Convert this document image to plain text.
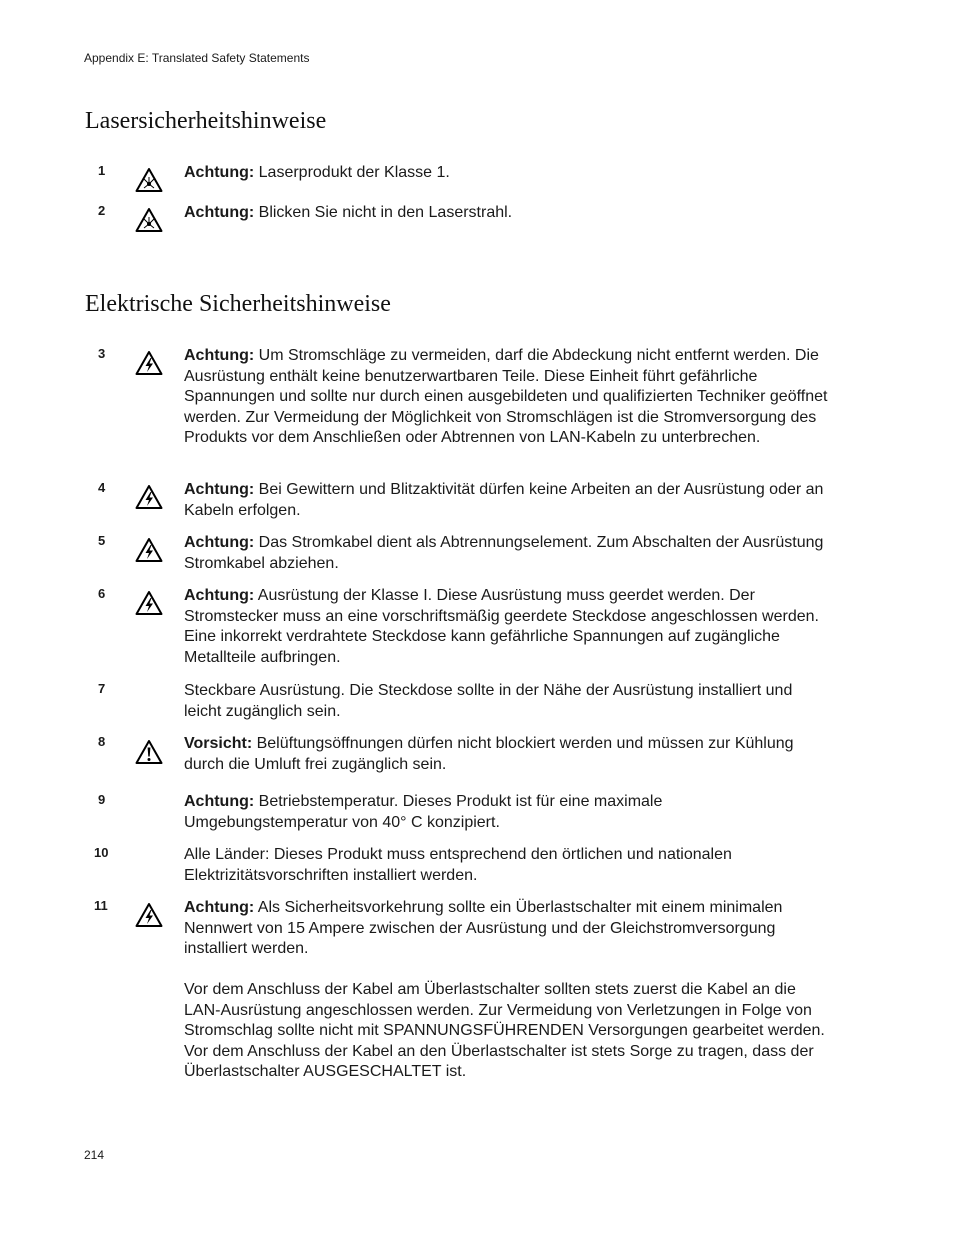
Appendix E: Translated Safety Statements
Lasersicherheitshinweise
1	Achtung: Laserprodukt der Klasse 1.

2	Achtung: Blicken Sie nicht in den Laserstrahl.

Elektrische Sicherheitshinweise
3	Achtung: Um Stromschläge zu vermeiden, darf die Abdeckung nicht entfernt werden. Die Ausrüstung enthält keine benutzerwartbaren Teile. Diese Einheit führt gefährliche Spannungen und sollte nur durch einen ausgebildeten und qualifizierten Techniker geöffnet werden. Zur Vermeidung der Möglichkeit von Stromschlägen ist die Stromversorgung des Produkts vor dem Anschließen oder Abtrennen von LAN-Kabeln zu unterbrechen.

4	Achtung: Bei Gewittern und Blitzaktivität dürfen keine Arbeiten an der Ausrüstung oder an Kabeln erfolgen.

5	Achtung: Das Stromkabel dient als Abtrennungselement. Zum Abschalten der Ausrüstung Stromkabel abziehen.

6	Achtung: Ausrüstung der Klasse I. Diese Ausrüstung muss geerdet werden. Der Stromstecker muss an eine vorschriftsmäßig geerdete Steckdose angeschlossen werden. Eine inkorrekt verdrahtete Steckdose kann gefährliche Spannungen auf zugängliche Metallteile aufbringen.

7	Steckbare Ausrüstung. Die Steckdose sollte in der Nähe der Ausrüstung installiert und leicht zugänglich sein.

8	Vorsicht: Belüftungsöffnungen dürfen nicht blockiert werden und müssen zur Kühlung durch die Umluft frei zugänglich sein.

9	Achtung: Betriebstemperatur. Dieses Produkt ist für eine maximale Umgebungstemperatur von 40° C konzipiert.

10	Alle Länder: Dieses Produkt muss entsprechend den örtlichen und nationalen Elektrizitätsvorschriften installiert werden.

11	Achtung: Als Sicherheitsvorkehrung sollte ein Überlastschalter mit einem minimalen Nennwert von 15 Ampere zwischen der Ausrüstung und der Gleichstromversorgung installiert werden.

Vor dem Anschluss der Kabel am Überlastschalter sollten stets zuerst die Kabel an die LAN-Ausrüstung angeschlossen werden. Zur Vermeidung von Verletzungen in Folge von Stromschlag sollte nicht mit SPANNUNGSFÜHRENDEN Versorgungen gearbeitet werden. Vor dem Anschluss der Kabel an den Überlastschalter ist stets Sorge zu tragen, dass der Überlastschalter AUSGESCHALTET ist.

214
